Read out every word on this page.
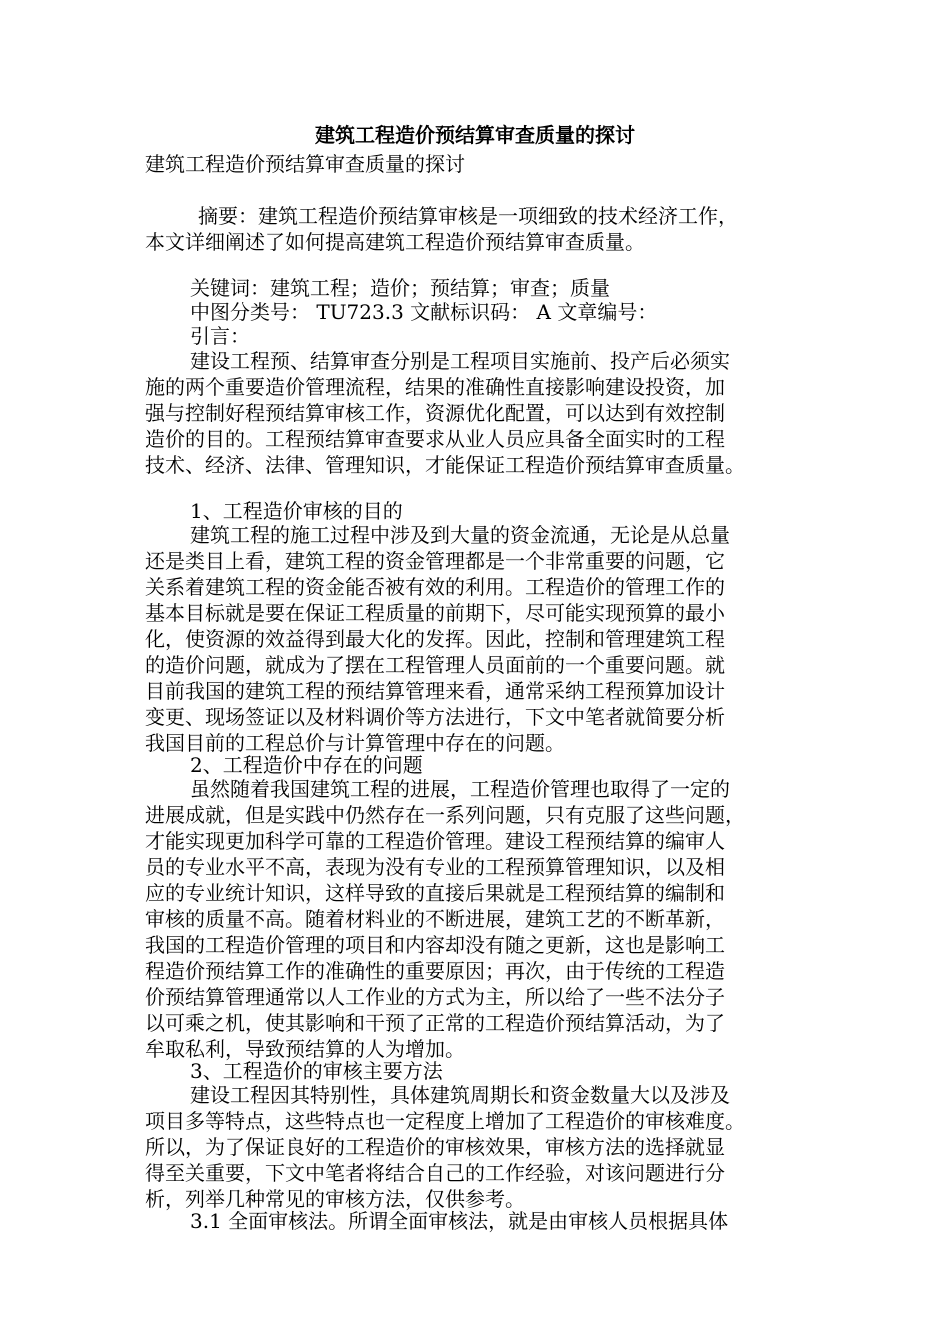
建筑工程造价预结算审查质量的探讨
建筑工程造价预结算审查质量的探讨
摘要：建筑工程造价预结算审核是一项细致的技术经济工作，
本文详细阐述了如何提高建筑工程造价预结算审查质量。
关键词：建筑工程；造价；预结算；审查；质量
中图分类号： TU723.3 文献标识码： A 文章编号：
引言：
建设工程预、结算审查分别是工程项目实施前、投产后必须实
施的两个重要造价管理流程，结果的准确性直接影响建设投资，加
强与控制好程预结算审核工作，资源优化配置，可以达到有效控制
造价的目的。工程预结算审查要求从业人员应具备全面实时的工程
技术、经济、法律、管理知识，才能保证工程造价预结算审查质量。
1、工程造价审核的目的
建筑工程的施工过程中涉及到大量的资金流通，无论是从总量
还是类目上看，建筑工程的资金管理都是一个非常重要的问题，它
关系着建筑工程的资金能否被有效的利用。工程造价的管理工作的
基本目标就是要在保证工程质量的前期下，尽可能实现预算的最小
化，使资源的效益得到最大化的发挥。因此，控制和管理建筑工程
的造价问题，就成为了摆在工程管理人员面前的一个重要问题。就
目前我国的建筑工程的预结算管理来看，通常采纳工程预算加设计
变更、现场签证以及材料调价等方法进行，下文中笔者就简要分析
我国目前的工程总价与计算管理中存在的问题。
2、工程造价中存在的问题
虽然随着我国建筑工程的进展，工程造价管理也取得了一定的
进展成就，但是实践中仍然存在一系列问题，只有克服了这些问题，
才能实现更加科学可靠的工程造价管理。建设工程预结算的编审人
员的专业水平不高，表现为没有专业的工程预算管理知识，以及相
应的专业统计知识，这样导致的直接后果就是工程预结算的编制和
审核的质量不高。随着材料业的不断进展，建筑工艺的不断革新，
我国的工程造价管理的项目和内容却没有随之更新，这也是影响工
程造价预结算工作的准确性的重要原因；再次，由于传统的工程造
价预结算管理通常以人工作业的方式为主，所以给了一些不法分子
以可乘之机，使其影响和干预了正常的工程造价预结算活动，为了
牟取私利，导致预结算的人为增加。
3、工程造价的审核主要方法
建设工程因其特别性，具体建筑周期长和资金数量大以及涉及
项目多等特点，这些特点也一定程度上增加了工程造价的审核难度。
所以，为了保证良好的工程造价的审核效果，审核方法的选择就显
得至关重要，下文中笔者将结合自己的工作经验，对该问题进行分
析，列举几种常见的审核方法，仅供参考。
3.1 全面审核法。所谓全面审核法，就是由审核人员根据具体
